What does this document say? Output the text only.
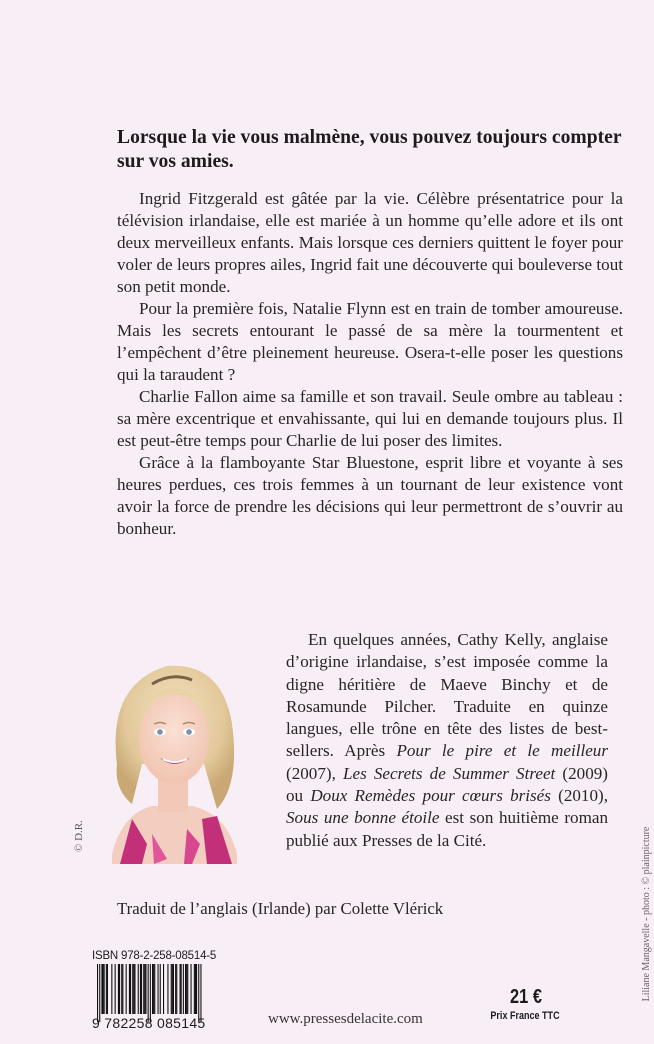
Lorsque la vie vous malmène, vous pouvez toujours compter sur vos amies.

Ingrid Fitzgerald est gâtée par la vie. Célèbre présentatrice pour la télévision irlandaise, elle est mariée à un homme qu’elle adore et ils ont deux merveilleux enfants. Mais lorsque ces derniers quittent le foyer pour voler de leurs propres ailes, Ingrid fait une découverte qui bouleverse tout son petit monde.

Pour la première fois, Natalie Flynn est en train de tomber amoureuse. Mais les secrets entourant le passé de sa mère la tourmentent et l’empêchent d’être pleinement heureuse. Osera-t-elle poser les questions qui la taraudent ?

Charlie Fallon aime sa famille et son travail. Seule ombre au tableau : sa mère excentrique et envahissante, qui lui en demande toujours plus. Il est peut-être temps pour Charlie de lui poser des limites.

Grâce à la flamboyante Star Bluestone, esprit libre et voyante à ses heures perdues, ces trois femmes à un tournant de leur existence vont avoir la force de prendre les décisions qui leur permettront de s’ouvrir au bonheur.

© D.R.

En quelques années, Cathy Kelly, anglaise d’origine irlandaise, s’est imposée comme la digne héritière de Maeve Binchy et de Rosamunde Pilcher. Traduite en quinze langues, elle trône en tête des listes de best-sellers. Après Pour le pire et le meilleur (2007), Les Secrets de Summer Street (2009) ou Doux Remèdes pour cœurs brisés (2010), Sous une bonne étoile est son huitième roman publié aux Presses de la Cité.

Traduit de l’anglais (Irlande) par Colette Vlérick
ISBN 978-2-258-08514-5
9 782258 085145	www.pressesdelacite.com
21 €
Prix France TTC
Liliane Mangavelle - photo : © plainpicture
